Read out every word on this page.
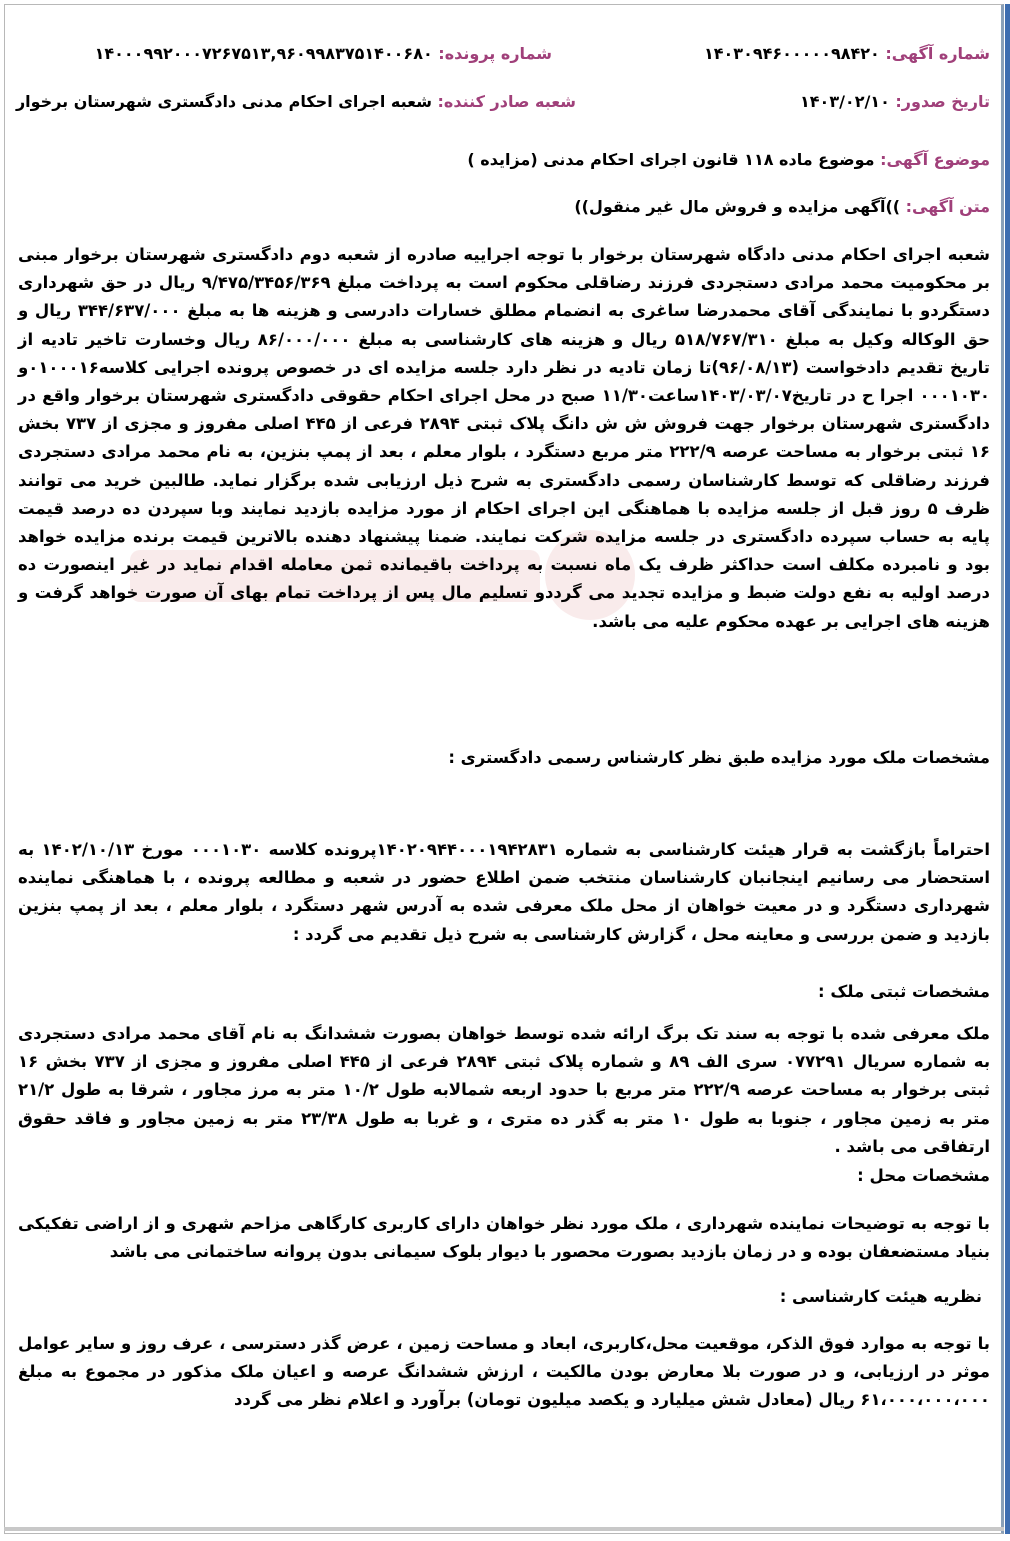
شماره آگهی: ۱۴۰۳۰۹۴۶۰۰۰۰۰۹۸۴۲۰
شماره پرونده: ۱۴۰۰۰۹۹۲۰۰۰۷۲۶۷۵۱۳,۹۶۰۹۹۸۳۷۵۱۴۰۰۶۸۰
تاریخ صدور: ۱۴۰۳/۰۲/۱۰
شعبه صادر کننده: شعبه اجرای احکام مدنی دادگستری شهرستان برخوار
موضوع آگهی: موضوع ماده ۱۱۸ قانون اجرای احکام مدنی (مزایده )
متن آگهی: ))آگهی مزایده و فروش مال غیر منقول))
شعبه اجرای احکام مدنی دادگاه شهرستان برخوار با توجه اجراییه صادره از شعبه دوم دادگستری شهرستان برخوار مبنی بر محکومیت محمد مرادی دستجردی فرزند رضاقلی محکوم است به پرداخت مبلغ ۹/۴۷۵/۳۴۵۶/۳۶۹ ریال در حق شهرداری دستگردو با نمایندگی آقای محمدرضا ساغری به انضمام مطلق خسارات دادرسی و هزینه ها به مبلغ ۳۴۴/۶۳۷/۰۰۰ ریال و حق الوکاله وکیل به مبلغ ۵۱۸/۷۶۷/۳۱۰ ریال و هزینه های کارشناسی به مبلغ ۸۶/۰۰۰/۰۰۰ ریال وخسارت تاخیر تادیه از تاریخ تقدیم دادخواست (۹۶/۰۸/۱۳)تا زمان تادیه در نظر دارد جلسه مزایده ای در خصوص پرونده اجرایی کلاسه۰۱۰۰۰۱۶و ۰۰۰۱۰۳۰ اجرا ح در تاریخ۱۴۰۳/۰۳/۰۷ساعت۱۱/۳۰ صبح در محل اجرای احکام حقوقی دادگستری شهرستان برخوار واقع در دادگستری شهرستان برخوار جهت فروش ش ش دانگ پلاک ثبتی ۲۸۹۴ فرعی از ۴۴۵ اصلی مفروز و مجزی از ۷۳۷ بخش ۱۶ ثبتی برخوار به مساحت عرصه ۲۲۲/۹ متر مربع دستگرد ، بلوار معلم ، بعد از پمپ بنزین، به نام محمد مرادی دستجردی فرزند رضاقلی که توسط کارشناسان رسمی دادگستری به شرح ذیل ارزیابی شده برگزار نماید. طالبین خرید می توانند ظرف ۵ روز قبل از جلسه مزایده با هماهنگی این اجرای احکام از مورد مزایده بازدید نمایند وبا سپردن ده درصد قیمت پایه به حساب سپرده دادگستری در جلسه مزایده شرکت نمایند. ضمنا پیشنهاد دهنده بالاترین قیمت برنده مزایده خواهد بود و نامبرده مکلف است حداکثر ظرف یک ماه نسبت به پرداخت باقیمانده ثمن معامله اقدام نماید در غیر اینصورت ده درصد اولیه به نفع دولت ضبط و مزایده تجدید می گرددو تسلیم مال پس از پرداخت تمام بهای آن صورت خواهد گرفت و هزینه های اجرایی بر عهده محکوم علیه می باشد.
مشخصات ملک مورد مزایده طبق نظر کارشناس رسمی دادگستری :
احتراماً بازگشت به قرار هیئت کارشناسی به شماره ۱۴۰۲۰۹۴۴۰۰۰۱۹۴۲۸۳۱پرونده کلاسه ۰۰۰۱۰۳۰ مورخ ۱۴۰۲/۱۰/۱۳ به استحضار می رسانیم اینجانبان کارشناسان منتخب ضمن اطلاع حضور در شعبه و مطالعه پرونده ، با هماهنگی نماینده شهرداری دستگرد و در معیت خواهان از محل ملک معرفی شده به آدرس شهر دستگرد ، بلوار معلم ، بعد از پمپ بنزین بازدید و ضمن بررسی و معاینه محل ، گزارش کارشناسی به شرح ذیل تقدیم می گردد :
مشخصات ثبتی ملک :
ملک معرفی شده با توجه به سند تک برگ ارائه شده توسط خواهان بصورت ششدانگ به نام آقای محمد مرادی دستجردی به شماره سریال ۰۷۷۲۹۱ سری الف ۸۹ و شماره پلاک ثبتی ۲۸۹۴ فرعی از ۴۴۵ اصلی مفروز و مجزی از ۷۳۷ بخش ۱۶ ثبتی برخوار به مساحت عرصه ۲۲۲/۹ متر مربع با حدود اربعه شمالابه طول ۱۰/۲ متر به مرز مجاور ، شرقا به طول ۲۱/۲ متر به زمین مجاور ، جنوبا به طول ۱۰ متر به گذر ده متری ، و غربا به طول ۲۳/۳۸ متر به زمین مجاور و فاقد حقوق ارتفاقی می باشد .
مشخصات محل :
با توجه به توضیحات نماینده شهرداری ، ملک مورد نظر خواهان دارای کاربری کارگاهی مزاحم شهری و از اراضی تفکیکی بنیاد مستضعفان بوده و در زمان بازدید بصورت محصور با دیوار بلوک سیمانی بدون پروانه ساختمانی می باشد
نظریه هیئت کارشناسی :
با توجه به موارد فوق الذکر، موقعیت محل،کاربری، ابعاد و مساحت زمین ، عرض گذر دسترسی ، عرف روز و سایر عوامل موثر در ارزیابی، و در صورت بلا معارض بودن مالکیت ، ارزش ششدانگ عرصه و اعیان ملک مذکور در مجموع به مبلغ ۶۱،۰۰۰،۰۰۰،۰۰۰ ریال (معادل شش میلیارد و یکصد میلیون تومان) برآورد و اعلام نظر می گردد
